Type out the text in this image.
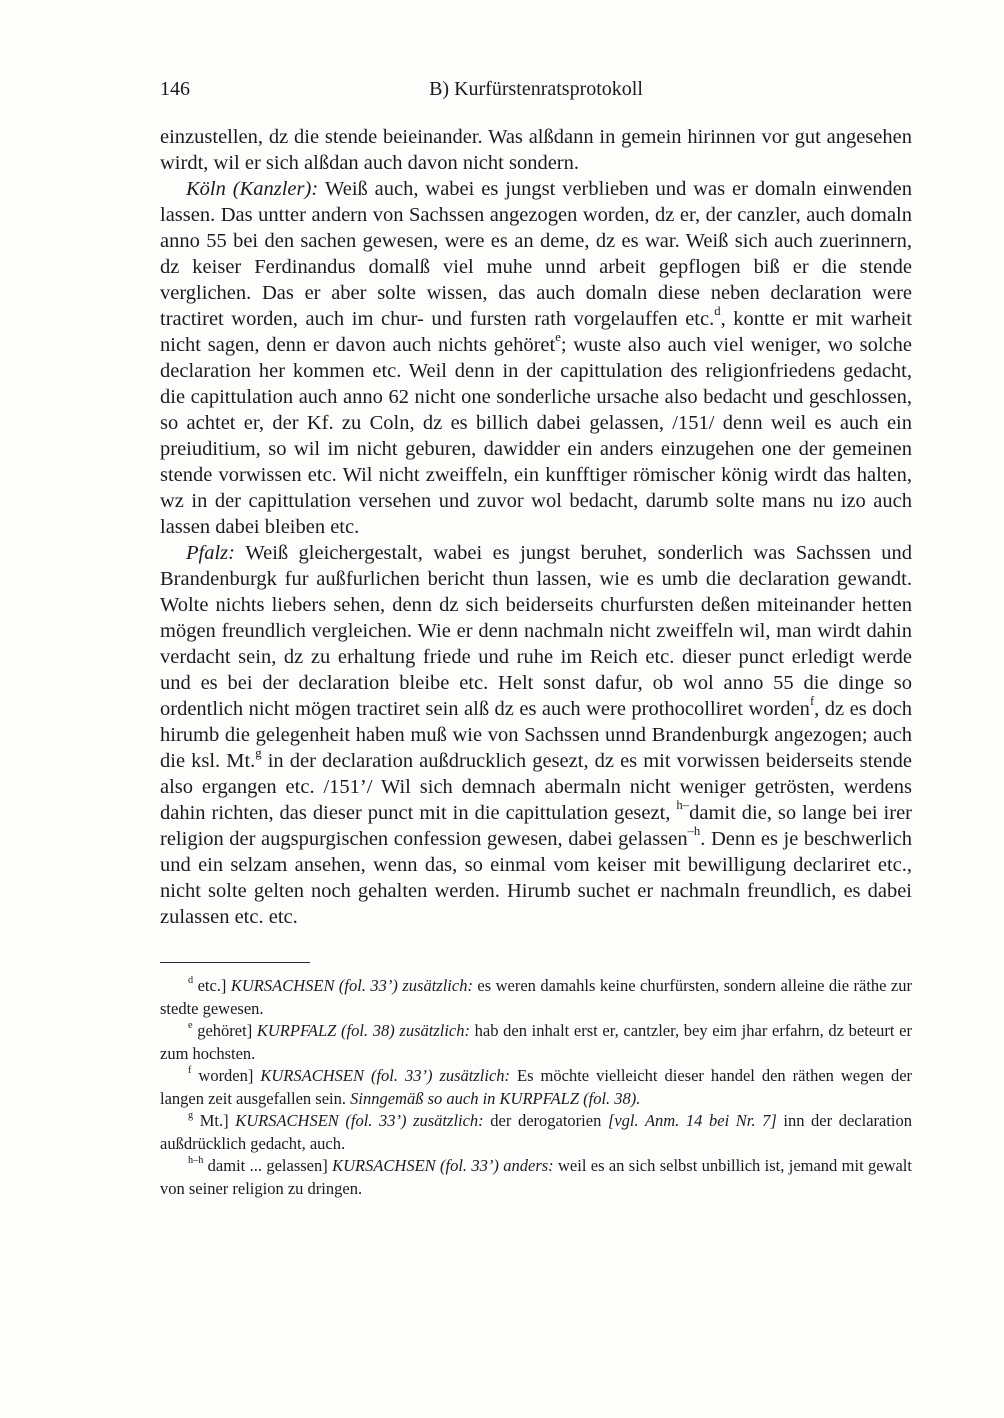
146	B) Kurfürstenratsprotokoll

einzustellen, dz die stende beieinander. Was alßdann in gemein hirinnen vor gut angesehen wirdt, wil er sich alßdan auch davon nicht sondern.

Köln (Kanzler): Weiß auch, wabei es jungst verblieben und was er domaln einwenden lassen. Das untter andern von Sachssen angezogen worden, dz er, der canzler, auch domaln anno 55 bei den sachen gewesen, were es an deme, dz es war. Weiß sich auch zuerinnern, dz keiser Ferdinandus domalß viel muhe unnd arbeit gepflogen biß er die stende verglichen. Das er aber solte wissen, das auch domaln diese neben declaration were tractiret worden, auch im chur- und fursten rath vorgelauffen etc.$^d$, kontte er mit warheit nicht sagen, denn er davon auch nichts gehöret$^e$; wuste also auch viel weniger, wo solche declaration her kommen etc. Weil denn in der capittulation des religionfriedens gedacht, die capittulation auch anno 62 nicht one sonderliche ursache also bedacht und geschlossen, so achtet er, der Kf. zu Coln, dz es billich dabei gelassen, /151/ denn weil es auch ein preiuditium, so wil im nicht geburen, dawidder ein anders einzugehen one der gemeinen stende vorwissen etc. Wil nicht zweiffeln, ein kunfftiger römischer könig wirdt das halten, wz in der capittulation versehen und zuvor wol bedacht, darumb solte mans nu izo auch lassen dabei bleiben etc.

Pfalz: Weiß gleichergestalt, wabei es jungst beruhet, sonderlich was Sachssen und Brandenburgk fur außfurlichen bericht thun lassen, wie es umb die declaration gewandt. Wolte nichts liebers sehen, denn dz sich beiderseits churfursten deßen miteinander hetten mögen freundlich vergleichen. Wie er denn nachmaln nicht zweiffeln wil, man wirdt dahin verdacht sein, dz zu erhaltung friede und ruhe im Reich etc. dieser punct erledigt werde und es bei der declaration bleibe etc. Helt sonst dafur, ob wol anno 55 die dinge so ordentlich nicht mögen tractiret sein alß dz es auch were prothocolliret worden$^f$, dz es doch hirumb die gelegenheit haben muß wie von Sachssen unnd Brandenburgk angezogen; auch die ksl. Mt.$^g$ in der declaration außdrucklich gesezt, dz es mit vorwissen beiderseits stende also ergangen etc. /151’/ Wil sich demnach abermaln nicht weniger getrösten, werdens dahin richten, das dieser punct mit in die capittulation gesezt, $^{h-}$damit die, so lange bei irer religion der augspurgischen confession gewesen, dabei gelassen$^{-h}$. Denn es je beschwerlich und ein selzam ansehen, wenn das, so einmal vom keiser mit bewilligung declariret etc., nicht solte gelten noch gehalten werden. Hirumb suchet er nachmaln freundlich, es dabei zulassen etc. etc.

$^d$ etc.] KURSACHSEN (fol. 33’) zusätzlich: es weren damahls keine churfürsten, sondern alleine die räthe zur stedte gewesen.

$^e$ gehöret] KURPFALZ (fol. 38) zusätzlich: hab den inhalt erst er, cantzler, bey eim jhar erfahrn, dz beteurt er zum hochsten.

$^f$ worden] KURSACHSEN (fol. 33’) zusätzlich: Es möchte vielleicht dieser handel den räthen wegen der langen zeit ausgefallen sein. Sinngemäß so auch in KURPFALZ (fol. 38).

$^g$ Mt.] KURSACHSEN (fol. 33’) zusätzlich: der derogatorien [vgl. Anm. 14 bei Nr. 7] inn der declaration außdrücklich gedacht, auch.

$^{h-h}$ damit ... gelassen] KURSACHSEN (fol. 33’) anders: weil es an sich selbst unbillich ist, jemand mit gewalt von seiner religion zu dringen.
